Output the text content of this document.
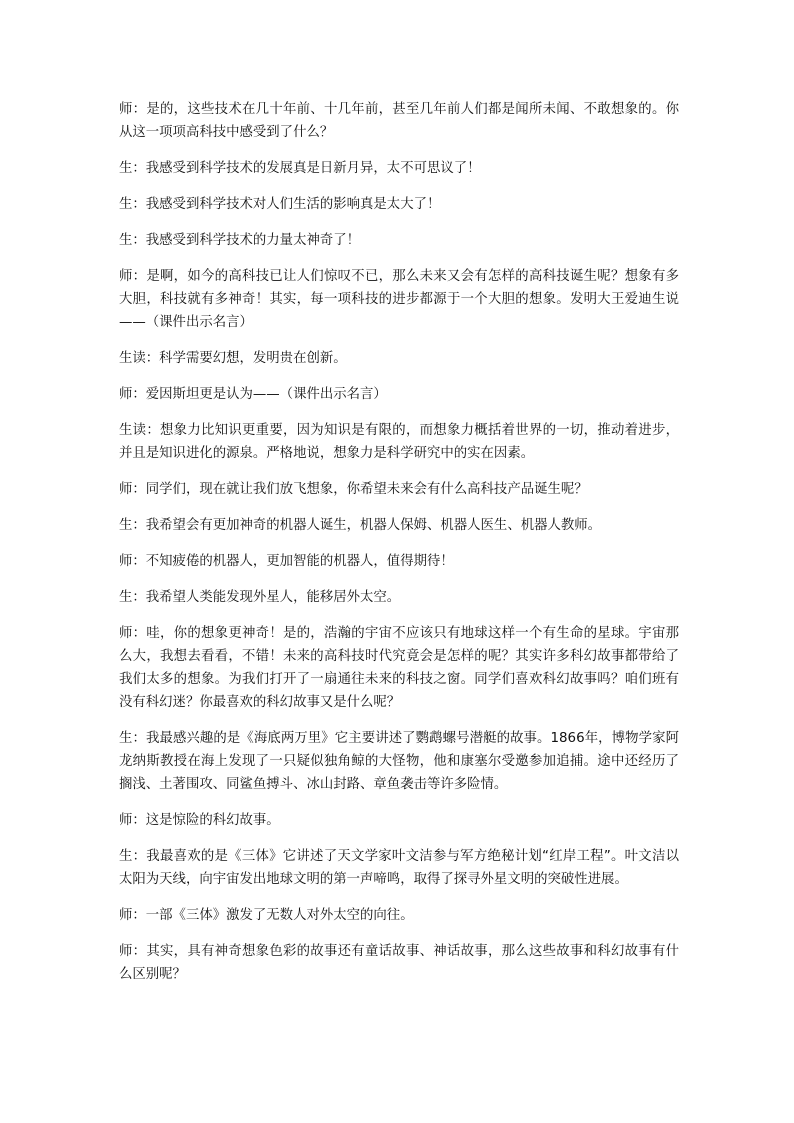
师：是的，这些技术在几十年前、十几年前，甚至几年前人们都是闻所未闻、不敢想象的。你从这一项项高科技中感受到了什么？

生：我感受到科学技术的发展真是日新月异，太不可思议了！

生：我感受到科学技术对人们生活的影响真是太大了！

生：我感受到科学技术的力量太神奇了！

师：是啊，如今的高科技已让人们惊叹不已，那么未来又会有怎样的高科技诞生呢？想象有多大胆，科技就有多神奇！其实，每一项科技的进步都源于一个大胆的想象。发明大王爱迪生说——（课件出示名言）

生读：科学需要幻想，发明贵在创新。

师：爱因斯坦更是认为——（课件出示名言）

生读：想象力比知识更重要，因为知识是有限的，而想象力概括着世界的一切，推动着进步，并且是知识进化的源泉。严格地说，想象力是科学研究中的实在因素。

师：同学们，现在就让我们放飞想象，你希望未来会有什么高科技产品诞生呢？

生：我希望会有更加神奇的机器人诞生，机器人保姆、机器人医生、机器人教师。

师：不知疲倦的机器人，更加智能的机器人，值得期待！

生：我希望人类能发现外星人，能移居外太空。

师：哇，你的想象更神奇！是的，浩瀚的宇宙不应该只有地球这样一个有生命的星球。宇宙那么大，我想去看看，不错！未来的高科技时代究竟会是怎样的呢？其实许多科幻故事都带给了我们太多的想象。为我们打开了一扇通往未来的科技之窗。同学们喜欢科幻故事吗？咱们班有没有科幻迷？你最喜欢的科幻故事又是什么呢？

生：我最感兴趣的是《海底两万里》它主要讲述了鹦鹉螺号潜艇的故事。1866年，博物学家阿龙纳斯教授在海上发现了一只疑似独角鲸的大怪物，他和康塞尔受邀参加追捕。途中还经历了搁浅、土著围攻、同鲨鱼搏斗、冰山封路、章鱼袭击等许多险情。

师：这是惊险的科幻故事。

生：我最喜欢的是《三体》它讲述了天文学家叶文洁参与军方绝秘计划“红岸工程”。叶文洁以太阳为天线，向宇宙发出地球文明的第一声啼鸣，取得了探寻外星文明的突破性进展。

师：一部《三体》激发了无数人对外太空的向往。

师：其实，具有神奇想象色彩的故事还有童话故事、神话故事，那么这些故事和科幻故事有什么区别呢？
